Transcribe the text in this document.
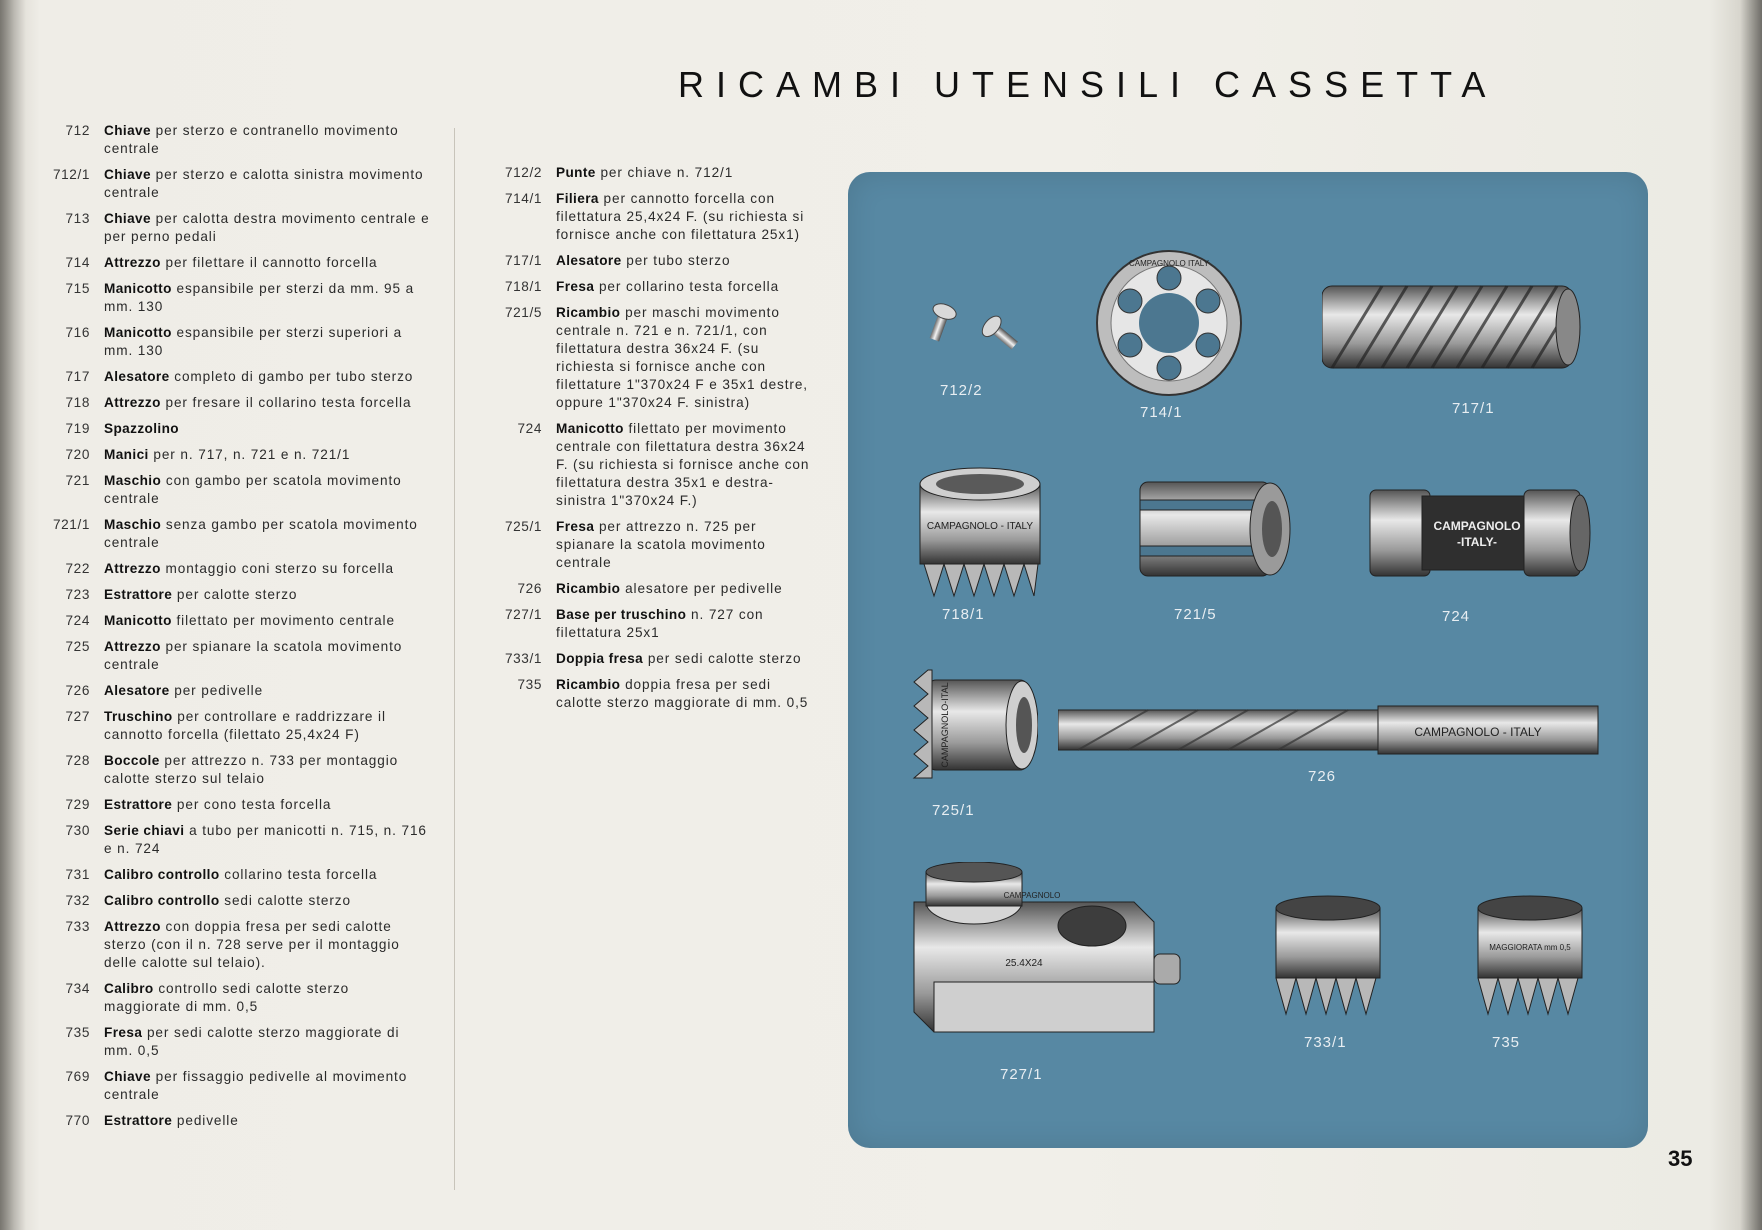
RICAMBI UTENSILI CASSETTA
712	Chiave per sterzo e contranello movimento centrale
712/1	Chiave per sterzo e calotta sinistra movimento centrale
713	Chiave per calotta destra movimento centrale e per perno pedali
714	Attrezzo per filettare il cannotto forcella
715	Manicotto espansibile per sterzi da mm. 95 a mm. 130
716	Manicotto espansibile per sterzi superiori a mm. 130
717	Alesatore completo di gambo per tubo sterzo
718	Attrezzo per fresare il collarino testa forcella
719	Spazzolino
720	Manici per n. 717, n. 721 e n. 721/1
721	Maschio con gambo per scatola movimento centrale
721/1	Maschio senza gambo per scatola movimento centrale
722	Attrezzo montaggio coni sterzo su forcella
723	Estrattore per calotte sterzo
724	Manicotto filettato per movimento centrale
725	Attrezzo per spianare la scatola movimento centrale
726	Alesatore per pedivelle
727	Truschino per controllare e raddrizzare il cannotto forcella (filettato 25,4x24 F)
728	Boccole per attrezzo n. 733 per montaggio calotte sterzo sul telaio
729	Estrattore per cono testa forcella
730	Serie chiavi a tubo per manicotti n. 715, n. 716 e n. 724
731	Calibro controllo collarino testa forcella
732	Calibro controllo sedi calotte sterzo
733	Attrezzo con doppia fresa per sedi calotte sterzo (con il n. 728 serve per il montaggio delle calotte sul telaio).
734	Calibro controllo sedi calotte sterzo maggiorate di mm. 0,5
735	Fresa per sedi calotte sterzo maggiorate di mm. 0,5
769	Chiave per fissaggio pedivelle al movimento centrale
770	Estrattore pedivelle
712/2	Punte per chiave n. 712/1
714/1	Filiera per cannotto forcella con filettatura 25,4x24 F. (su richiesta si fornisce anche con filettatura 25x1)
717/1	Alesatore per tubo sterzo
718/1	Fresa per collarino testa forcella
721/5	Ricambio per maschi movimento centrale n. 721 e n. 721/1, con filettatura destra 36x24 F. (su richiesta si fornisce anche con filettature 1"370x24 F e 35x1 destre, oppure 1"370x24 F. sinistra)
724	Manicotto filettato per movimento centrale con filettatura destra 36x24 F. (su richiesta si fornisce anche con filettatura destra 35x1 e destra-sinistra 1"370x24 F.)
725/1	Fresa per attrezzo n. 725 per spianare la scatola movimento centrale
726	Ricambio alesatore per pedivelle
727/1	Base per truschino n. 727 con filettatura 25x1
733/1	Doppia fresa per sedi calotte sterzo
735	Ricambio doppia fresa per sedi calotte sterzo maggiorate di mm. 0,5
712/2
CAMPAGNOLO ITALY
714/1	717/1
CAMPAGNOLO - ITALY
718/1	721/5
CAMPAGNOLO
-ITALY-
724
CAMPAGNOLO-ITAL
725/1
CAMPAGNOLO - ITALY
726
CAMPAGNOLO
25.4X24
727/1
733/1
MAGGIORATA mm 0,5
735
35
